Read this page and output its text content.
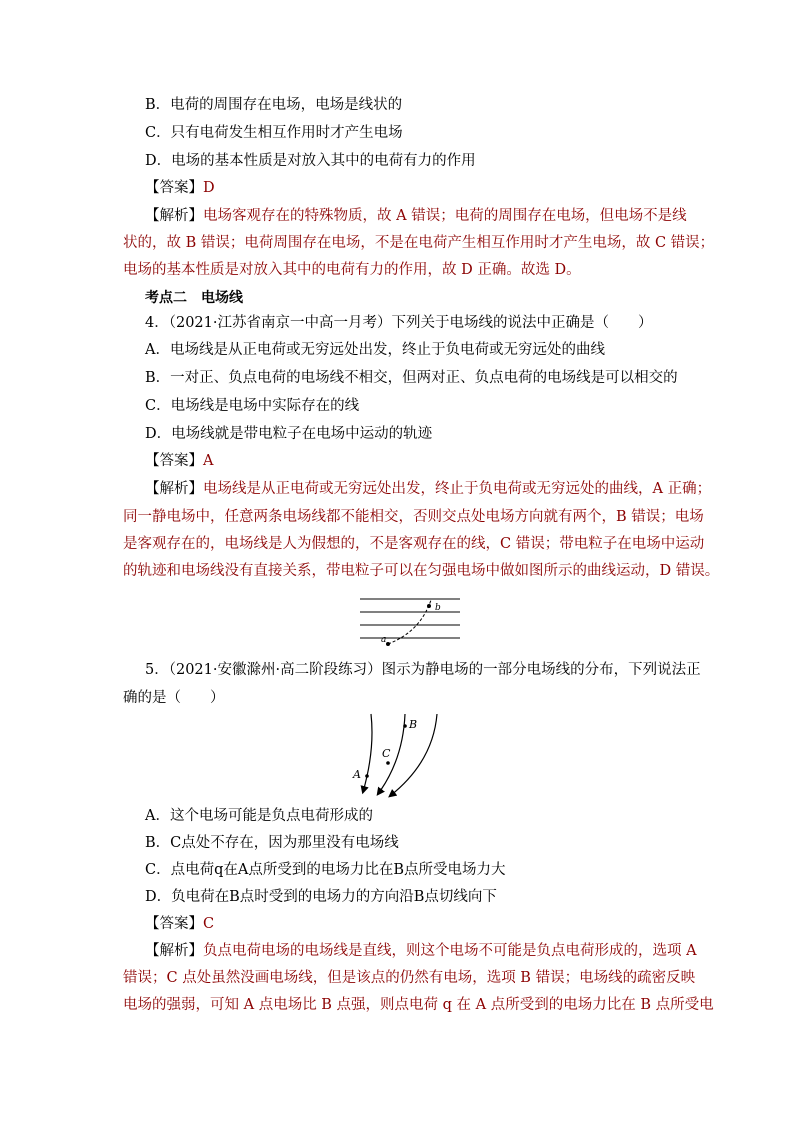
B．电荷的周围存在电场，电场是线状的
C．只有电荷发生相互作用时才产生电场
D．电场的基本性质是对放入其中的电荷有力的作用
【答案】D
【解析】电场客观存在的特殊物质，故 A 错误；电荷的周围存在电场，但电场不是线
状的，故 B 错误；电荷周围存在电场，不是在电荷产生相互作用时才产生电场，故 C 错误；
电场的基本性质是对放入其中的电荷有力的作用，故 D 正确。故选 D。
考点二　电场线
4．（2021·江苏省南京一中高一月考）下列关于电场线的说法中正确是（　　）
A．电场线是从正电荷或无穷远处出发，终止于负电荷或无穷远处的曲线
B．一对正、负点电荷的电场线不相交，但两对正、负点电荷的电场线是可以相交的
C．电场线是电场中实际存在的线
D．电场线就是带电粒子在电场中运动的轨迹
【答案】A
【解析】电场线是从正电荷或无穷远处出发，终止于负电荷或无穷远处的曲线，A 正确；
同一静电场中，任意两条电场线都不能相交，否则交点处电场方向就有两个，B 错误；电场
是客观存在的，电场线是人为假想的，不是客观存在的线，C 错误；带电粒子在电场中运动
的轨迹和电场线没有直接关系，带电粒子可以在匀强电场中做如图所示的曲线运动，D 错误。
a
b
5．（2021·安徽滁州·高二阶段练习）图示为静电场的一部分电场线的分布，下列说法正
确的是（　　）
A
B
C
A．这个电场可能是负点电荷形成的
B．C点处不存在，因为那里没有电场线
C．点电荷q在A点所受到的电场力比在B点所受电场力大
D．负电荷在B点时受到的电场力的方向沿B点切线向下
【答案】C
【解析】负点电荷电场的电场线是直线，则这个电场不可能是负点电荷形成的，选项 A
错误；C 点处虽然没画电场线，但是该点的仍然有电场，选项 B 错误；电场线的疏密反映
电场的强弱，可知 A 点电场比 B 点强，则点电荷 q 在 A 点所受到的电场力比在 B 点所受电
